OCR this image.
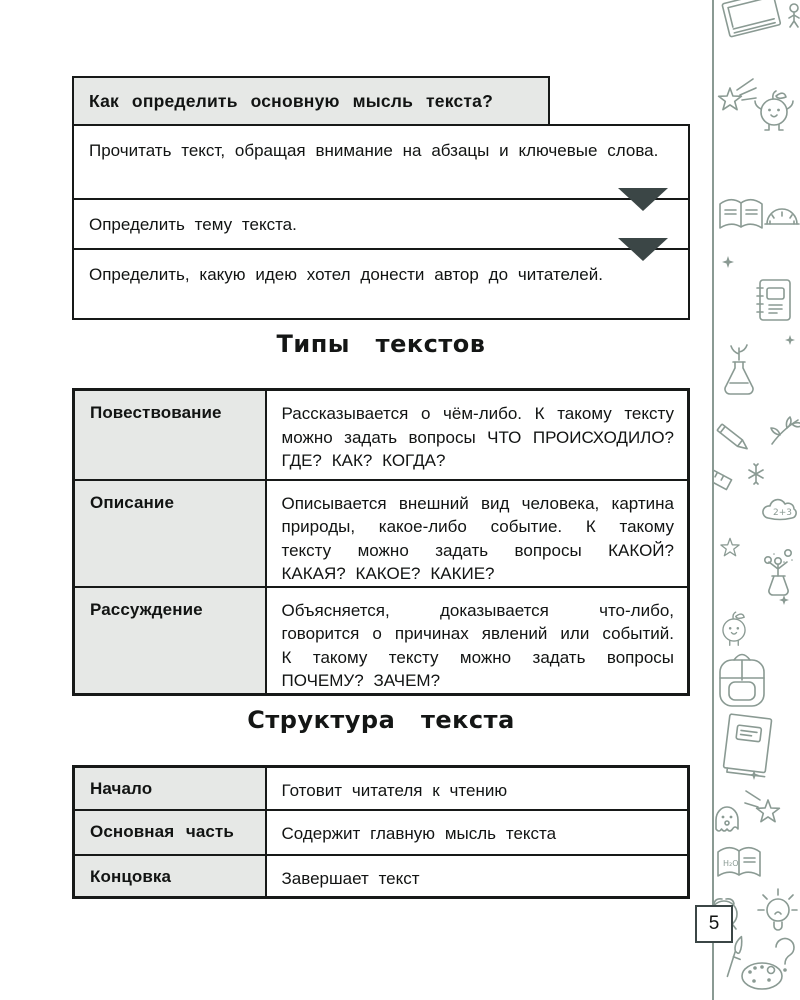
Как определить основную мысль текста?
Прочитать текст, обращая внимание на абзацы и ключевые слова.
Определить тему текста.
Определить, какую идею хотел донести автор до читателей.
Типы текстов
Повествование	Рассказывается о чём-либо. К такому тексту можно задать вопросы ЧТО ПРОИСХОДИЛО? ГДЕ? КАК? КОГДА?
Описание	Описывается внешний вид человека, картина природы, какое-либо событие. К такому тексту можно задать вопросы КАКОЙ? КАКАЯ? КАКОЕ? КАКИЕ?
Рассуждение	Объясняется, доказывается что-либо, говорится о причинах явлений или событий. К такому тексту можно задать вопросы ПОЧЕМУ? ЗАЧЕМ?
Структура текста
Начало	Готовит читателя к чтению
Основная часть	Содержит главную мысль текста
Концовка	Завершает текст
2+3
H₂O
5
